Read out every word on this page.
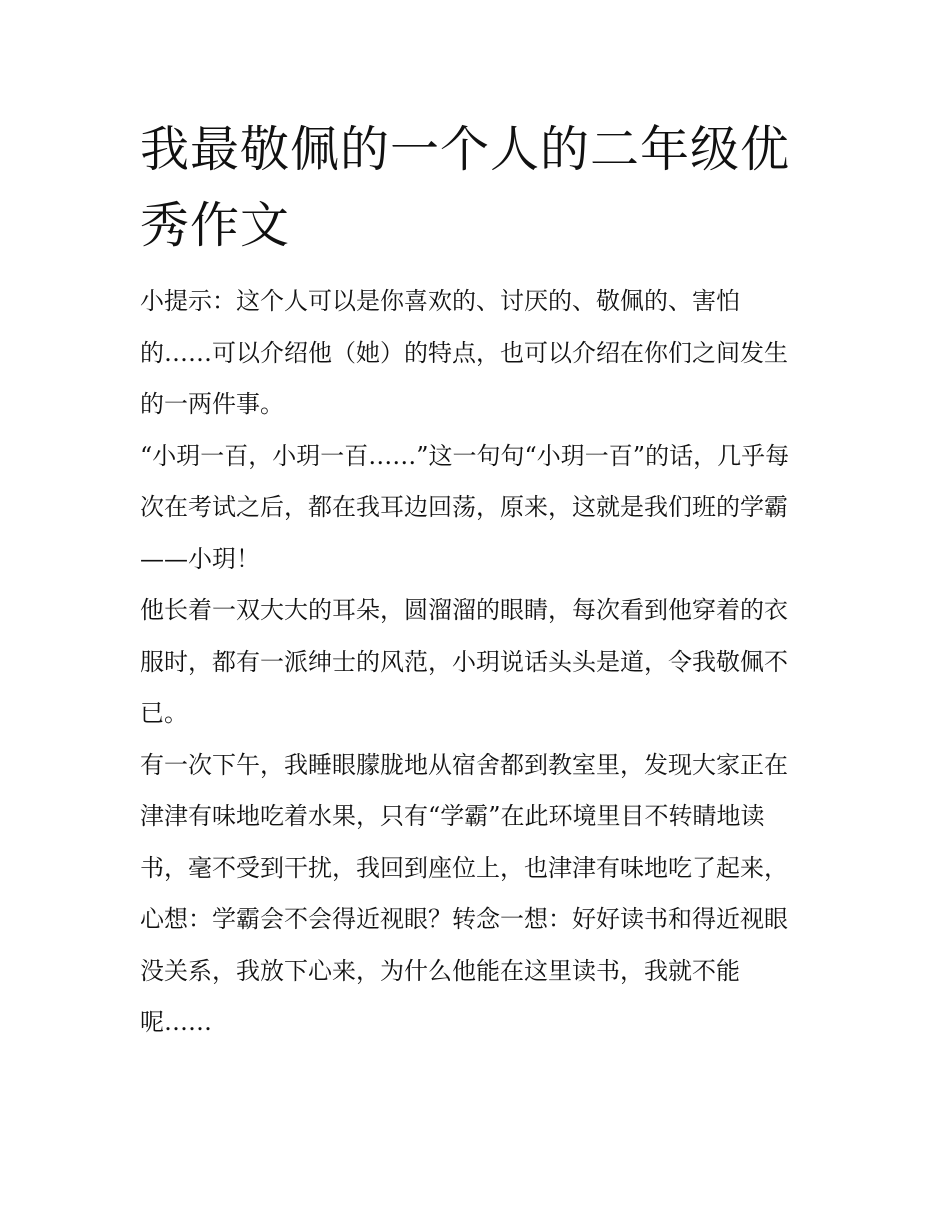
我最敬佩的一个人的二年级优
秀作文

小提示：这个人可以是你喜欢的、讨厌的、敬佩的、害怕
的……可以介绍他（她）的特点，也可以介绍在你们之间发生
的一两件事。

“小玥一百，小玥一百……”这一句句“小玥一百”的话，几乎每
次在考试之后，都在我耳边回荡，原来，这就是我们班的学霸
——小玥！

他长着一双大大的耳朵，圆溜溜的眼睛，每次看到他穿着的衣
服时，都有一派绅士的风范，小玥说话头头是道，令我敬佩不
已。

有一次下午，我睡眼朦胧地从宿舍都到教室里，发现大家正在
津津有味地吃着水果，只有“学霸”在此环境里目不转睛地读
书，毫不受到干扰，我回到座位上，也津津有味地吃了起来，
心想：学霸会不会得近视眼？转念一想：好好读书和得近视眼
没关系，我放下心来，为什么他能在这里读书，我就不能
呢……
